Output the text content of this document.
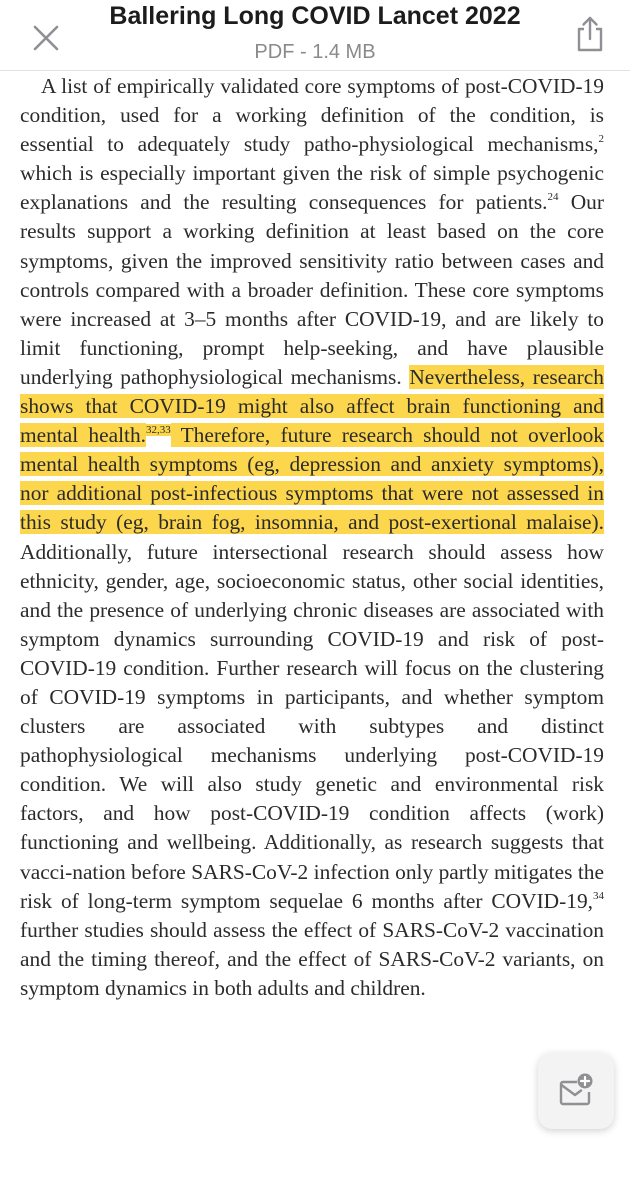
Ballering Long COVID Lancet 2022
PDF - 1.4 MB

A list of empirically validated core symptoms of post-COVID-19 condition, used for a working definition of the condition, is essential to adequately study patho-physiological mechanisms,$^2$ which is especially important given the risk of simple psychogenic explanations and the resulting consequences for patients.$^{24}$ Our results support a working definition at least based on the core symptoms, given the improved sensitivity ratio between cases and controls compared with a broader definition. These core symptoms were increased at 3–5 months after COVID-19, and are likely to limit functioning, prompt help-seeking, and have plausible underlying pathophysiological mechanisms. Nevertheless, research shows that COVID-19 might also affect brain functioning and mental health.$^{32,33}$ Therefore, future research should not overlook mental health symptoms (eg, depression and anxiety symptoms), nor additional post-infectious symptoms that were not assessed in this study (eg, brain fog, insomnia, and post-exertional malaise). Additionally, future intersectional research should assess how ethnicity, gender, age, socioeconomic status, other social identities, and the presence of underlying chronic diseases are associated with symptom dynamics surrounding COVID-19 and risk of post-COVID-19 condition. Further research will focus on the clustering of COVID-19 symptoms in participants, and whether symptom clusters are associated with subtypes and distinct pathophysiological mechanisms underlying post-COVID-19 condition. We will also study genetic and environmental risk factors, and how post-COVID-19 condition affects (work) functioning and wellbeing. Additionally, as research suggests that vacci-nation before SARS-CoV-2 infection only partly mitigates the risk of long-term symptom sequelae 6 months after COVID-19,34 further studies should assess the effect of SARS-CoV-2 vaccination and the timing thereof, and the effect of SARS-CoV-2 variants, on symptom dynamics in both adults and children.
